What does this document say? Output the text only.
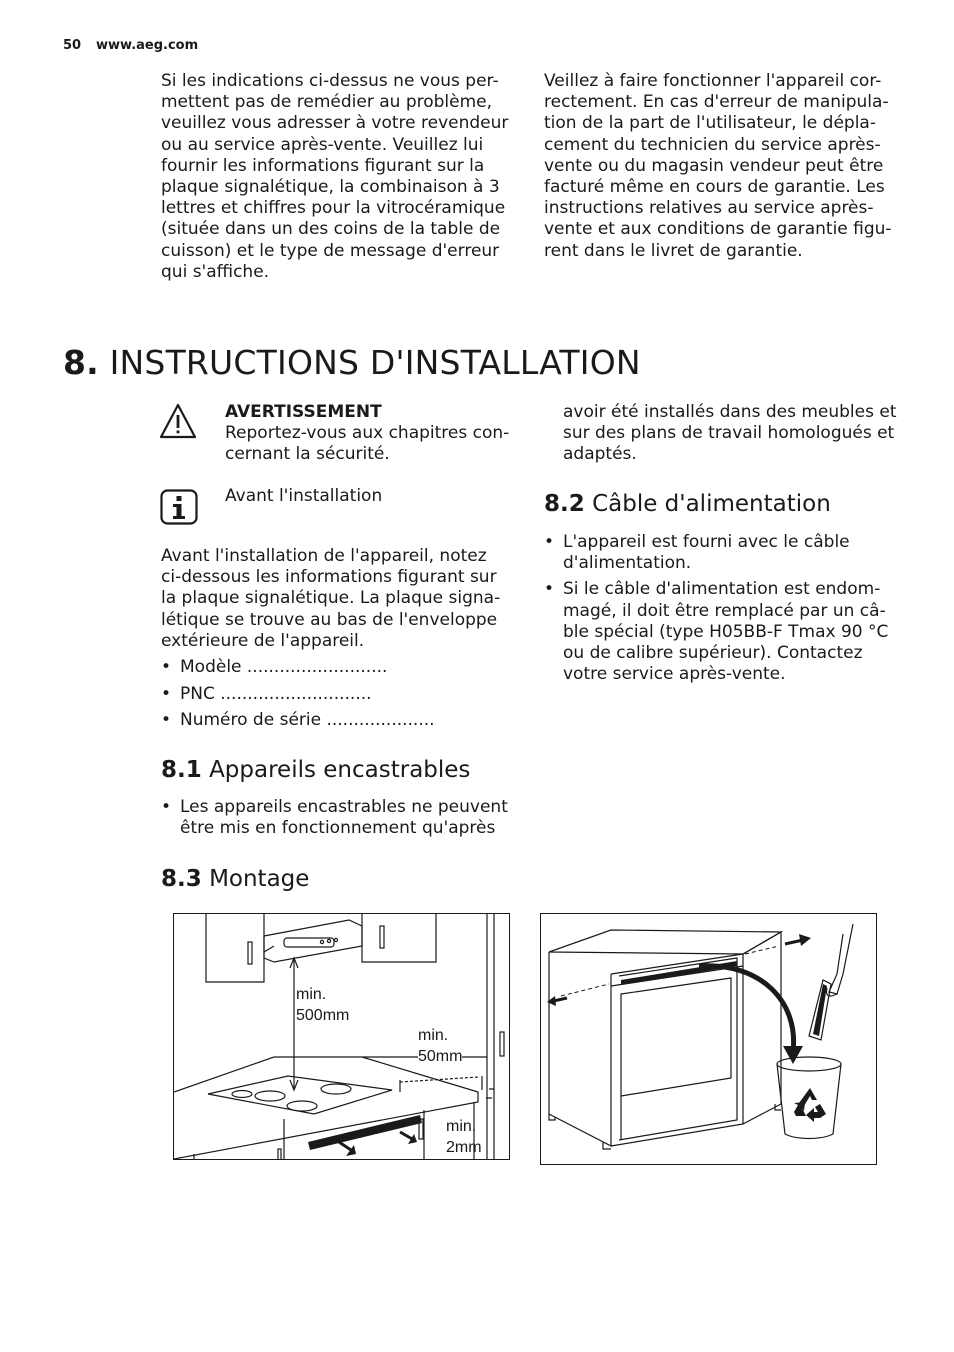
50 www.aeg.com

Si les indications ci-dessus ne vous per-
mettent pas de remédier au problème,
veuillez vous adresser à votre revendeur
ou au service après-vente. Veuillez lui
fournir les informations figurant sur la
plaque signalétique, la combinaison à 3
lettres et chiffres pour la vitrocéramique
(située dans un des coins de la table de
cuisson) et le type de message d'erreur
qui s'affiche.

Veillez à faire fonctionner l'appareil cor-
rectement. En cas d'erreur de manipula-
tion de la part de l'utilisateur, le dépla-
cement du technicien du service après-
vente ou du magasin vendeur peut être
facturé même en cours de garantie. Les
instructions relatives au service après-
vente et aux conditions de garantie figu-
rent dans le livret de garantie.

8. INSTRUCTIONS D'INSTALLATION
AVERTISSEMENT
Reportez-vous aux chapitres con-
cernant la sécurité.
Avant l'installation

Avant l'installation de l'appareil, notez
ci-dessous les informations figurant sur
la plaque signalétique. La plaque signa-
létique se trouve au bas de l'enveloppe
extérieure de l'appareil.

• Modèle ..........................
• PNC ............................
• Numéro de série ....................
8.1 Appareils encastrables
• Les appareils encastrables ne peuvent
être mis en fonctionnement qu'après

avoir été installés dans des meubles et
sur des plans de travail homologués et
adaptés.

8.2 Câble d'alimentation
• L'appareil est fourni avec le câble
d'alimentation.
• Si le câble d'alimentation est endom-
magé, il doit être remplacé par un câ-
ble spécial (type H05BB-F Tmax 90 °C
ou de calibre supérieur). Contactez
votre service après-vente.
8.3 Montage
min.
500mm
min.
50mm
min.
2mm
